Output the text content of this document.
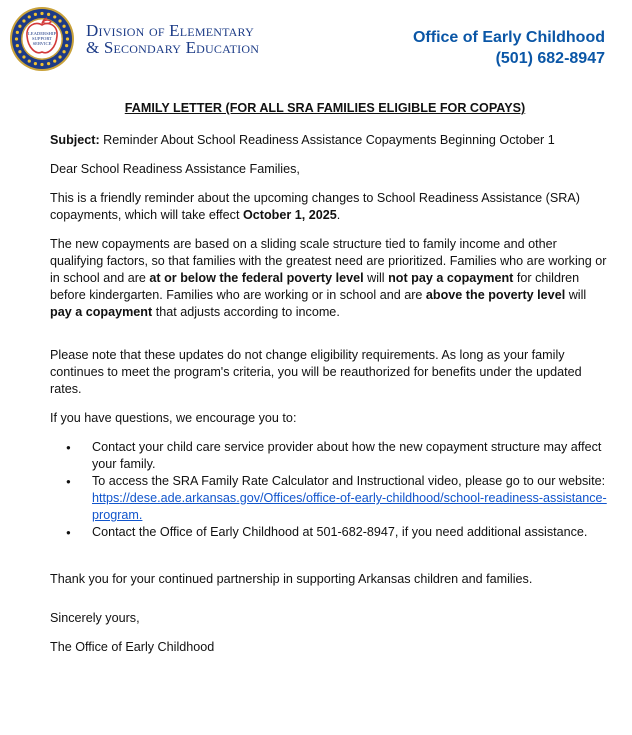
LEADERSHIP
SUPPORT
SERVICE
Division of Elementary
& Secondary Education
Office of Early Childhood
(501) 682-8947
FAMILY LETTER (FOR ALL SRA FAMILIES ELIGIBLE FOR COPAYS)

Subject: Reminder About School Readiness Assistance Copayments Beginning October 1

Dear School Readiness Assistance Families,

This is a friendly reminder about the upcoming changes to School Readiness Assistance (SRA) copayments, which will take effect October 1, 2025.

The new copayments are based on a sliding scale structure tied to family income and other qualifying factors, so that families with the greatest need are prioritized. Families who are working or in school and are at or below the federal poverty level will not pay a copayment for children before kindergarten. Families who are working or in school and are above the poverty level will pay a copayment that adjusts according to income.

Please note that these updates do not change eligibility requirements. As long as your family continues to meet the program's criteria, you will be reauthorized for benefits under the updated rates.

If you have questions, we encourage you to:

● Contact your child care service provider about how the new copayment structure may affect your family.
● To access the SRA Family Rate Calculator and Instructional video, please go to our website:
https://dese.ade.arkansas.gov/Offices/office-of-early-childhood/school-readiness-assistance-program.
● Contact the Office of Early Childhood at 501-682-8947, if you need additional assistance.

Thank you for your continued partnership in supporting Arkansas children and families.

Sincerely yours,

The Office of Early Childhood
